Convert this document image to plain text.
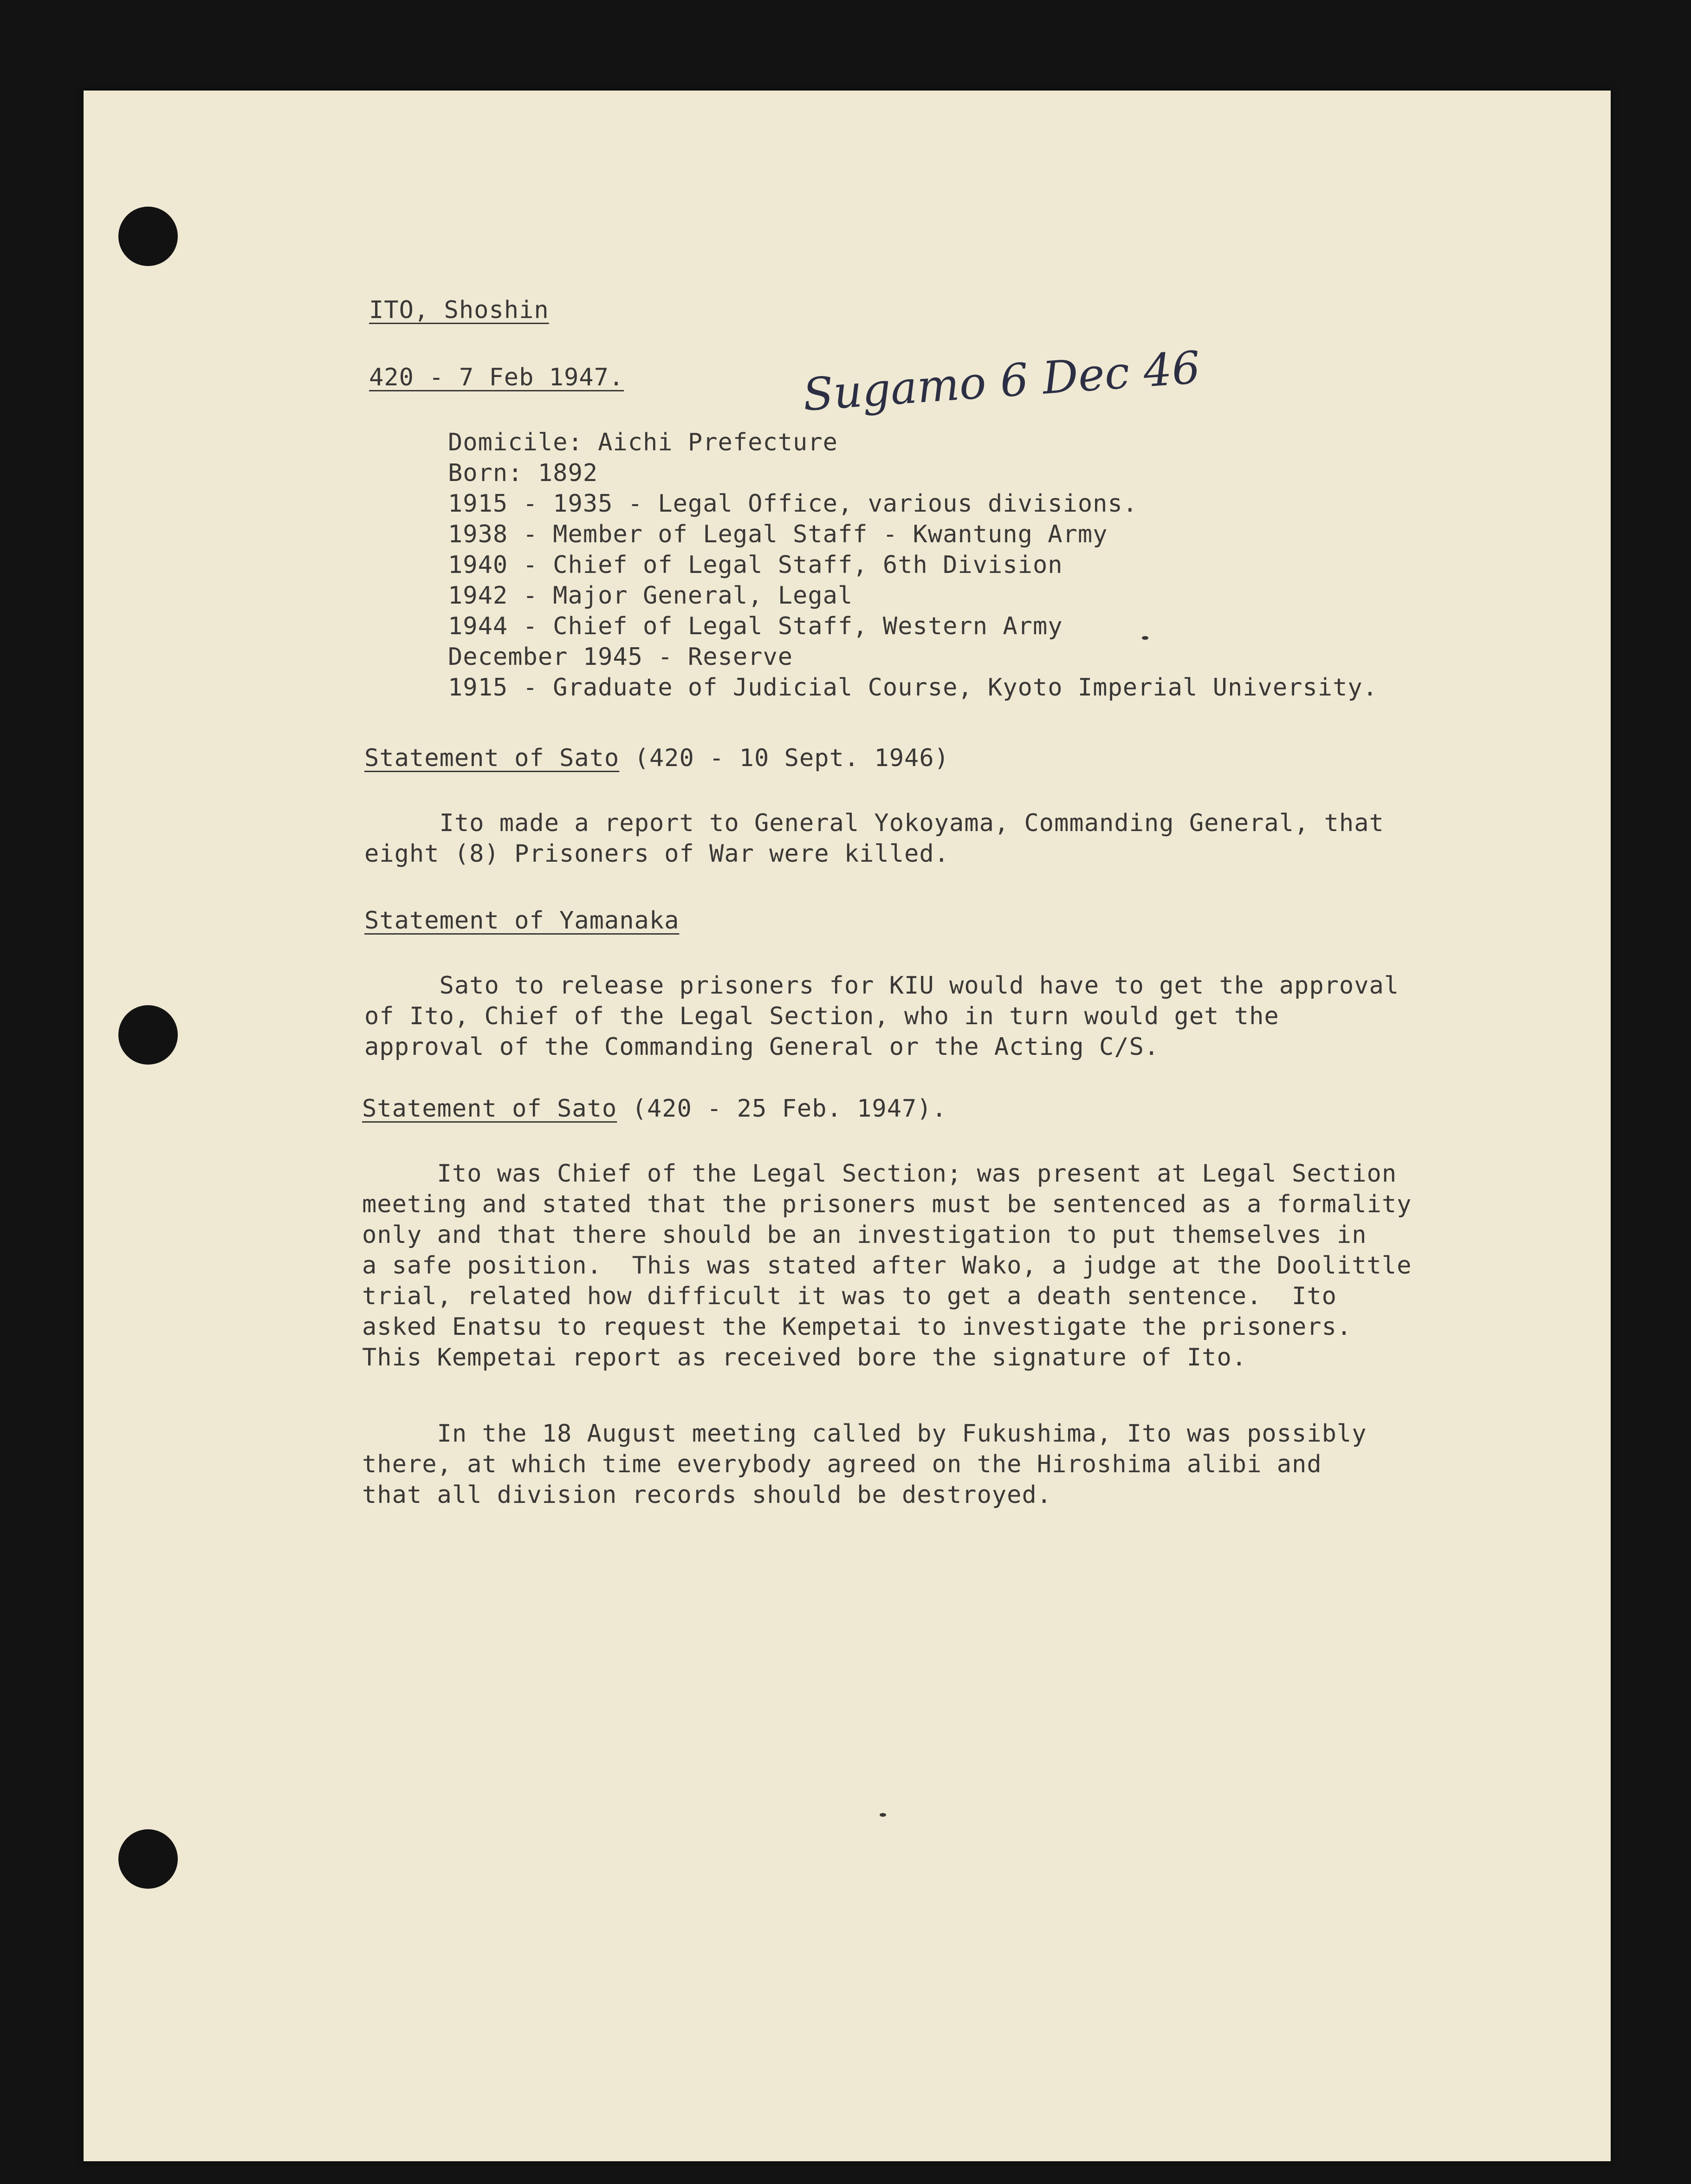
Sugamo 6 Dec 46
ITO, Shoshin
420 - 7 Feb 1947.
Domicile: Aichi Prefecture
Born: 1892
1915 - 1935 - Legal Office, various divisions.
1938 - Member of Legal Staff - Kwantung Army
1940 - Chief of Legal Staff, 6th Division
1942 - Major General, Legal
1944 - Chief of Legal Staff, Western Army
December 1945 - Reserve
1915 - Graduate of Judicial Course, Kyoto Imperial University.
Statement of Sato (420 - 10 Sept. 1946)
Ito made a report to General Yokoyama, Commanding General, that
eight (8) Prisoners of War were killed.
Statement of Yamanaka
Sato to release prisoners for KIU would have to get the approval
of Ito, Chief of the Legal Section, who in turn would get the
approval of the Commanding General or the Acting C/S.
Statement of Sato (420 - 25 Feb. 1947).
Ito was Chief of the Legal Section; was present at Legal Section
meeting and stated that the prisoners must be sentenced as a formality
only and that there should be an investigation to put themselves in
a safe position.  This was stated after Wako, a judge at the Doolittle
trial, related how difficult it was to get a death sentence.  Ito
asked Enatsu to request the Kempetai to investigate the prisoners.
This Kempetai report as received bore the signature of Ito.
In the 18 August meeting called by Fukushima, Ito was possibly
there, at which time everybody agreed on the Hiroshima alibi and
that all division records should be destroyed.
